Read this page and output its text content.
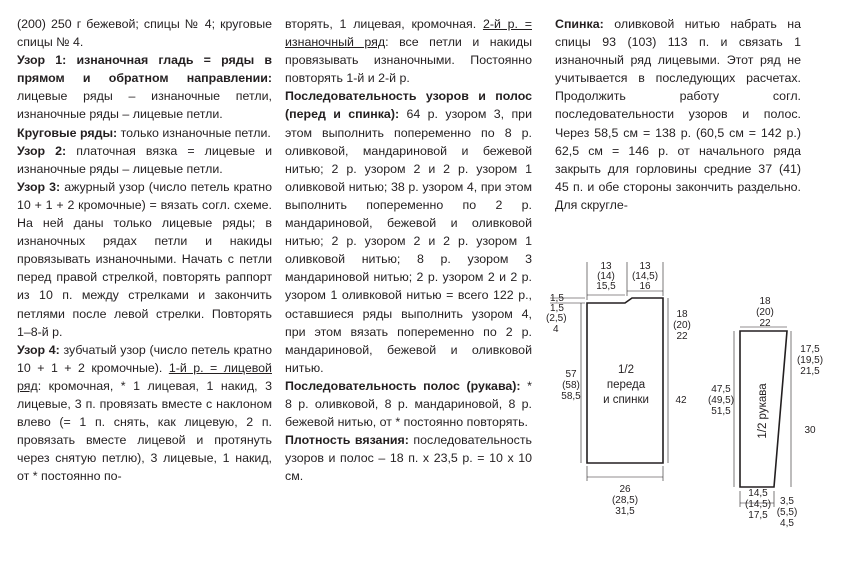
(200) 250 г бежевой; спицы № 4; круговые спицы № 4.

Узор 1: изнаночная гладь = ряды в прямом и обратном направлении: лицевые ряды – изнаночные петли, изнаночные ряды – лицевые петли.

Круговые ряды: только изнаночные петли.

Узор 2: платочная вязка = лицевые и изнаночные ряды – лицевые петли.

Узор 3: ажурный узор (число петель кратно 10 + 1 + 2 кромочные) = вязать согл. схеме. На ней даны только лицевые ряды; в изнаночных рядах петли и накиды провязывать изнаночными. Начать с петли перед правой стрелкой, повторять раппорт из 10 п. между стрелками и закончить петлями после левой стрелки. Повторять 1–8-й р.

Узор 4: зубчатый узор (число петель кратно 10 + 1 + 2 кромочные). 1-й р. = лицевой ряд: кромочная, * 1 лицевая, 1 накид, 3 лицевые, 3 п. провязать вместе с наклоном влево (= 1 п. снять, как лицевую, 2 п. провязать вместе лицевой и протянуть через снятую петлю), 3 лицевые, 1 накид, от * постоянно по-

вторять, 1 лицевая, кромочная. 2-й р. = изнаночный ряд: все петли и накиды провязывать изнаночными. Постоянно повторять 1-й и 2-й р.

Последовательность узоров и полос (перед и спинка): 64 р. узором 3, при этом выполнить попеременно по 8 р. оливковой, мандариновой и бежевой нитью; 2 р. узором 2 и 2 р. узором 1 оливковой нитью; 38 р. узором 4, при этом выполнить попеременно по 2 р. мандариновой, бежевой и оливковой нитью; 2 р. узором 2 и 2 р. узором 1 оливковой нитью; 8 р. узором 3 мандариновой нитью; 2 р. узором 2 и 2 р. узором 1 оливковой нитью = всего 122 р., оставшиеся ряды выполнить узором 4, при этом вязать попеременно по 2 р. мандариновой, бежевой и оливковой нитью.

Последовательность полос (рукава): * 8 р. оливковой, 8 р. мандариновой, 8 р. бежевой нитью, от * постоянно повторять.

Плотность вязания: последовательность узоров и полос – 18 п. x 23,5 р. = 10 x 10 см.

Спинка: оливковой нитью набрать на спицы 93 (103) 113 п. и связать 1 изнаночный ряд лицевыми. Этот ряд не учитывается в последующих расчетах. Продолжить работу согл. последовательности узоров и полос. Через 58,5 см = 138 р. (60,5 см = 142 р.) 62,5 см = 146 р. от начального ряда закрыть для горловины средние 37 (41) 45 п. и обе стороны закончить раздельно. Для скругле-

13
(14)
15,5
13
(14,5)
16
1,5
1,5
(2,5)
4
57
(58)
58,5
18
(20)
22
42
26
(28,5)
31,5
1/2
переда
и спинки
18
(20)
22
17,5
(19,5)
21,5
47,5
(49,5)
51,5
30
14,5
(14,5)
17,5
3,5
(5,5)
4,5
1/2 рукава
